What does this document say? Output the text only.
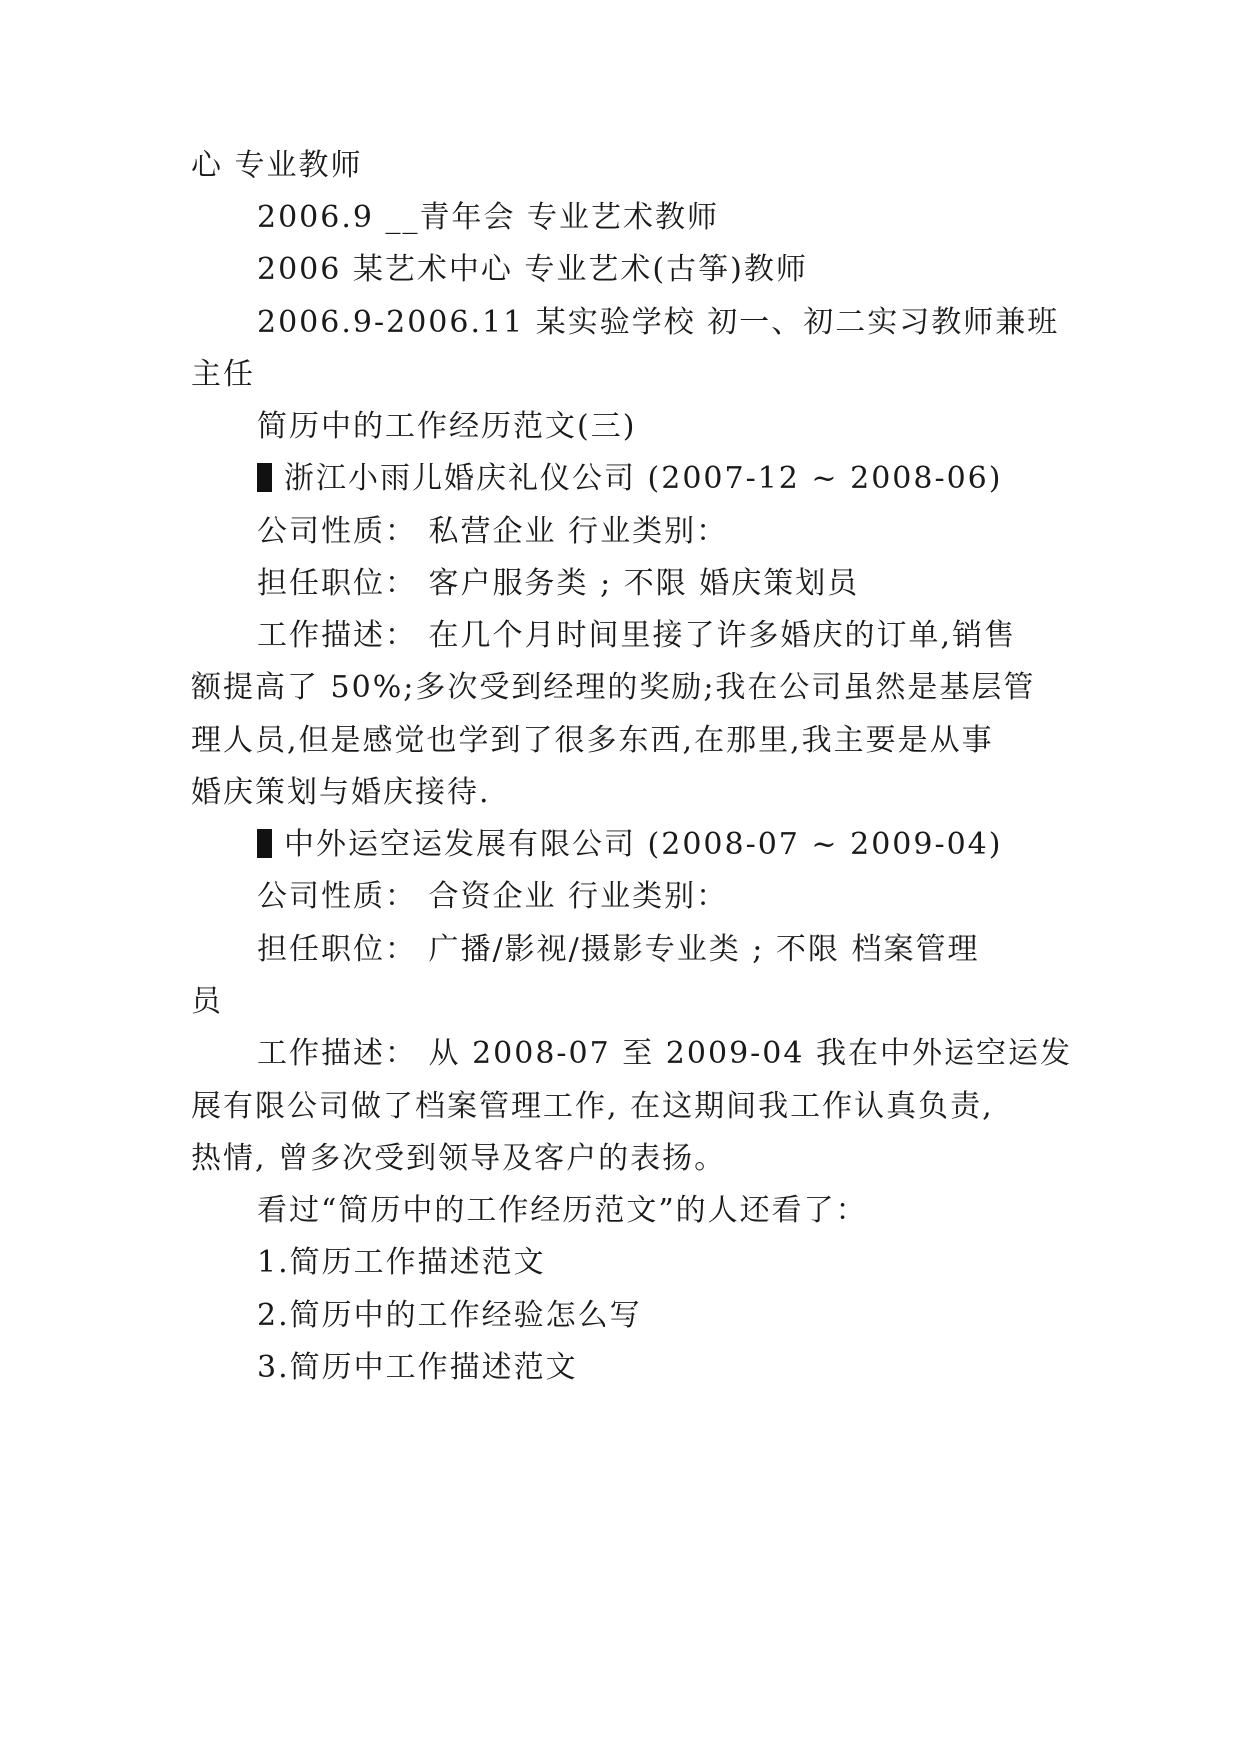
心 专业教师
2006.9 __青年会 专业艺术教师
2006 某艺术中心 专业艺术(古筝)教师
2006.9-2006.11 某实验学校 初一、初二实习教师兼班
主任
简历中的工作经历范文(三)
浙江小雨儿婚庆礼仪公司 (2007-12 ~ 2008-06)
公司性质： 私营企业 行业类别：
担任职位： 客户服务类 ; 不限 婚庆策划员
工作描述： 在几个月时间里接了许多婚庆的订单,销售
额提高了 50%;多次受到经理的奖励;我在公司虽然是基层管
理人员,但是感觉也学到了很多东西,在那里,我主要是从事
婚庆策划与婚庆接待.
中外运空运发展有限公司 (2008-07 ~ 2009-04)
公司性质： 合资企业 行业类别：
担任职位： 广播/影视/摄影专业类 ; 不限 档案管理
员
工作描述： 从 2008-07 至 2009-04 我在中外运空运发
展有限公司做了档案管理工作, 在这期间我工作认真负责,
热情, 曾多次受到领导及客户的表扬。
看过“简历中的工作经历范文”的人还看了：
1.简历工作描述范文
2.简历中的工作经验怎么写
3.简历中工作描述范文
